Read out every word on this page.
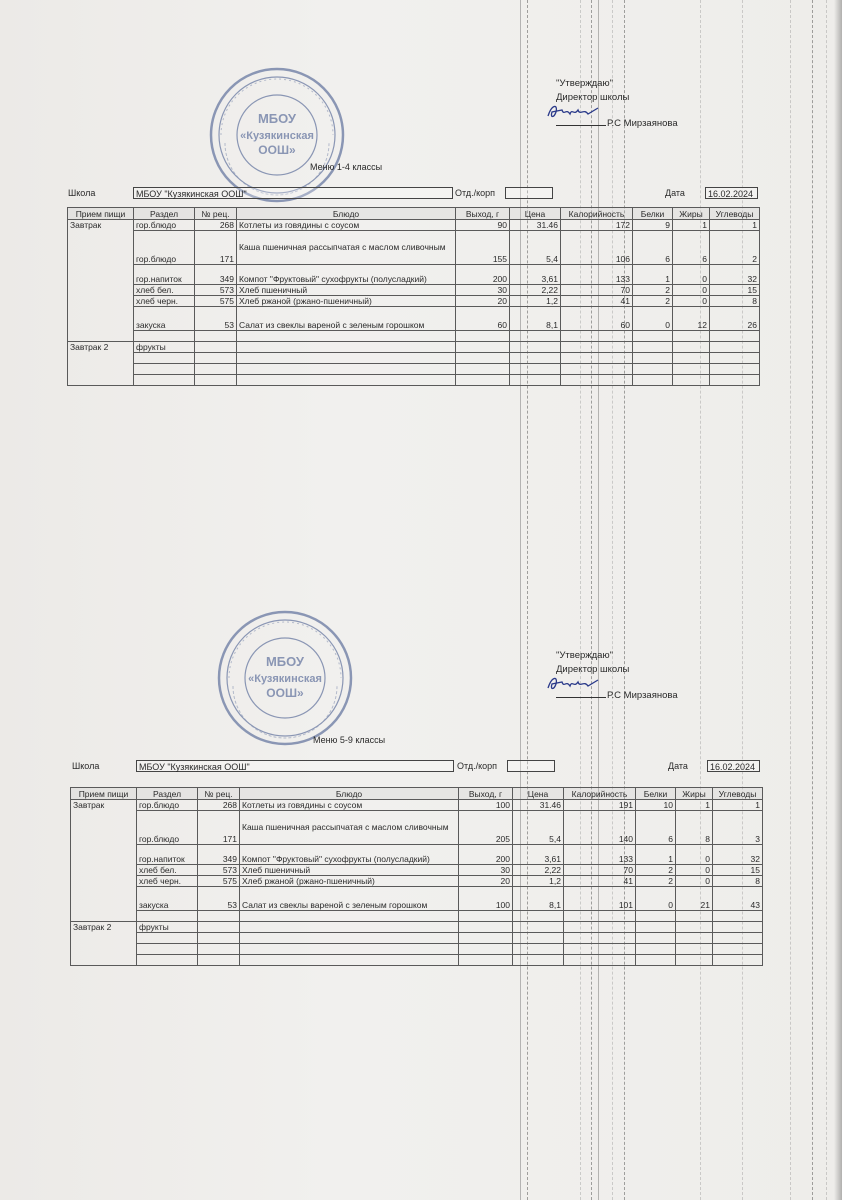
МБОУ
«Кузякинская
ООШ»
"Утверждаю"
Директор школы
Р.С Мирзаянова
Меню 1-4 классы
Школа	МБОУ "Кузякинская ООШ"	Отд./корп	Дата	16.02.2024
Прием пищи	Раздел	№ рец.	Блюдо	Выход, г	Цена	Калорийность	Белки	Жиры	Углеводы
Завтрак	гор.блюдо	268	Котлеты из говядины с соусом	90	31.46	172	9	1	1
	гор.блюдо	171	Каша пшеничная рассыпчатая с маслом сливочным	155	5,4	106	6	6	2
	гор.напиток	349	Компот "Фруктовый" сухофрукты (полусладкий)	200	3,61	133	1	0	32
	хлеб бел.	573	Хлеб пшеничный	30	2,22	70	2	0	15
	хлеб черн.	575	Хлеб ржаной (ржано-пшеничный)	20	1,2	41	2	0	8
	закуска	53	Салат из свеклы вареной с зеленым горошком	60	8,1	60	0	12	26

Завтрак 2	фрукты								

МБОУ
«Кузякинская
ООШ»
"Утверждаю"
Директор школы
Р.С Мирзаянова
Меню 5-9 классы
Школа	МБОУ "Кузякинская ООШ"	Отд./корп	Дата	16.02.2024
Прием пищи	Раздел	№ рец.	Блюдо	Выход, г	Цена	Калорийность	Белки	Жиры	Углеводы
Завтрак	гор.блюдо	268	Котлеты из говядины с соусом	100	31.46	191	10	1	1
	гор.блюдо	171	Каша пшеничная рассыпчатая с маслом сливочным	205	5,4	140	6	8	3
	гор.напиток	349	Компот "Фруктовый" сухофрукты (полусладкий)	200	3,61	133	1	0	32
	хлеб бел.	573	Хлеб пшеничный	30	2,22	70	2	0	15
	хлеб черн.	575	Хлеб ржаной (ржано-пшеничный)	20	1,2	41	2	0	8
	закуска	53	Салат из свеклы вареной с зеленым горошком	100	8,1	101	0	21	43

Завтрак 2	фрукты								
